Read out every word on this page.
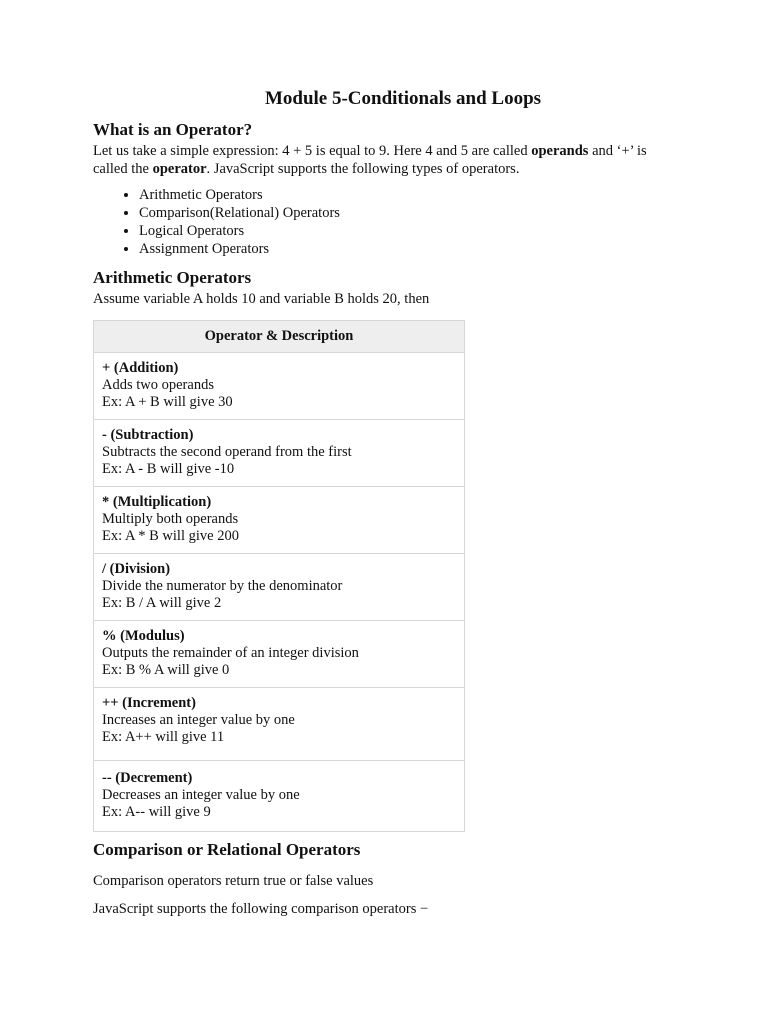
Module 5-Conditionals and Loops
What is an Operator?

Let us take a simple expression: 4 + 5 is equal to 9. Here 4 and 5 are called operands and ‘+’ is called the operator. JavaScript supports the following types of operators.

• Arithmetic Operators
• Comparison(Relational) Operators
• Logical Operators
• Assignment Operators
Arithmetic Operators

Assume variable A holds 10 and variable B holds 20, then

Operator & Description

+ (Addition)
Adds two operands
Ex: A + B will give 30

- (Subtraction)
Subtracts the second operand from the first
Ex: A - B will give -10

* (Multiplication)
Multiply both operands
Ex: A * B will give 200

/ (Division)
Divide the numerator by the denominator
Ex: B / A will give 2

% (Modulus)
Outputs the remainder of an integer division
Ex: B % A will give 0

++ (Increment)
Increases an integer value by one
Ex: A++ will give 11

-- (Decrement)
Decreases an integer value by one
Ex: A-- will give 9
Comparison or Relational Operators

Comparison operators return true or false values

JavaScript supports the following comparison operators −
